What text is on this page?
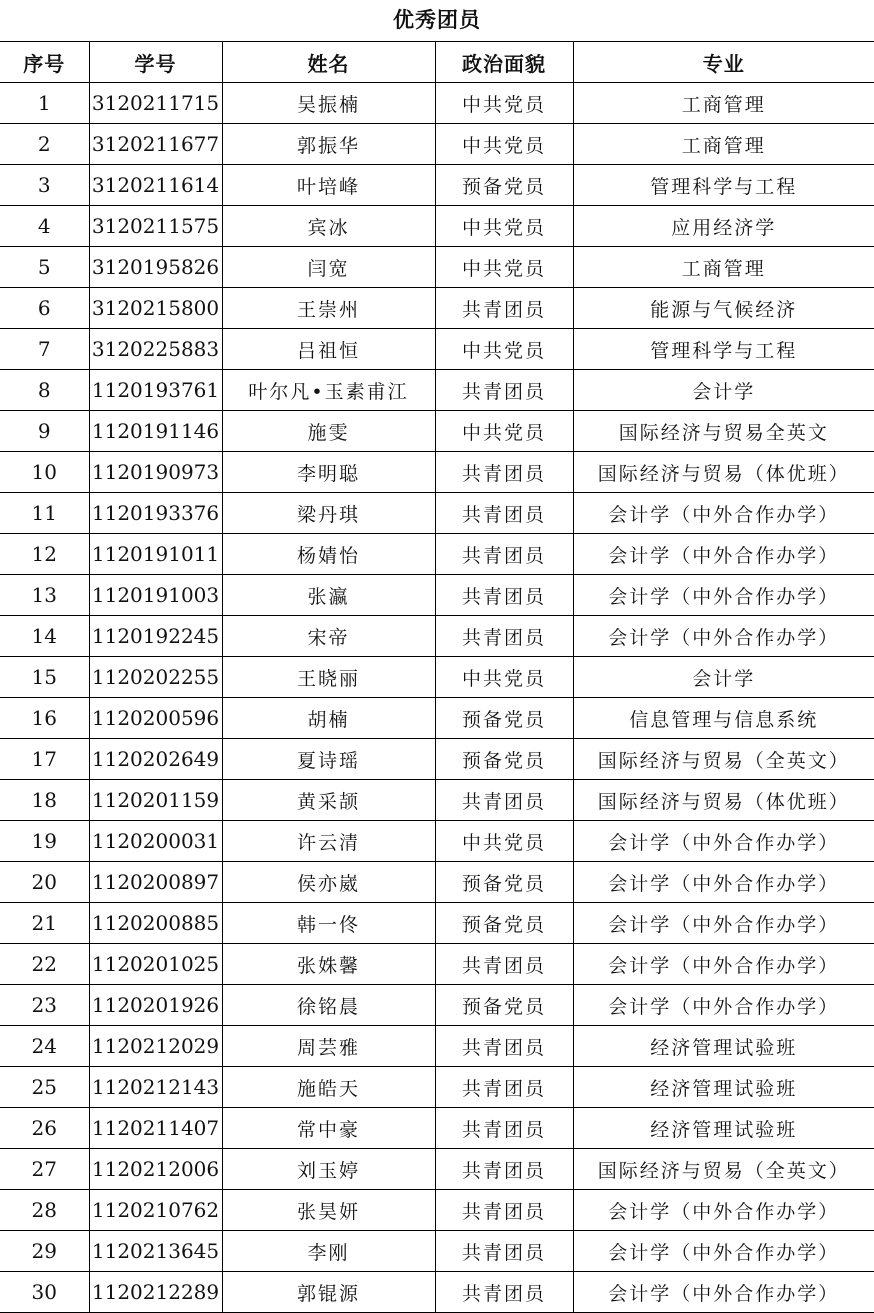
优秀团员
序号	学号	姓名	政治面貌	专业
1	3120211715	吴振楠	中共党员	工商管理
2	3120211677	郭振华	中共党员	工商管理
3	3120211614	叶培峰	预备党员	管理科学与工程
4	3120211575	宾冰	中共党员	应用经济学
5	3120195826	闫宽	中共党员	工商管理
6	3120215800	王崇州	共青团员	能源与气候经济
7	3120225883	吕祖恒	中共党员	管理科学与工程
8	1120193761	叶尔凡•玉素甫江	共青团员	会计学
9	1120191146	施雯	中共党员	国际经济与贸易全英文
10	1120190973	李明聪	共青团员	国际经济与贸易（体优班）
11	1120193376	梁丹琪	共青团员	会计学（中外合作办学）
12	1120191011	杨婧怡	共青团员	会计学（中外合作办学）
13	1120191003	张瀛	共青团员	会计学（中外合作办学）
14	1120192245	宋帝	共青团员	会计学（中外合作办学）
15	1120202255	王晓丽	中共党员	会计学
16	1120200596	胡楠	预备党员	信息管理与信息系统
17	1120202649	夏诗瑶	预备党员	国际经济与贸易（全英文）
18	1120201159	黄采颉	共青团员	国际经济与贸易（体优班）
19	1120200031	许云清	中共党员	会计学（中外合作办学）
20	1120200897	侯亦崴	预备党员	会计学（中外合作办学）
21	1120200885	韩一佟	预备党员	会计学（中外合作办学）
22	1120201025	张姝馨	共青团员	会计学（中外合作办学）
23	1120201926	徐铭晨	预备党员	会计学（中外合作办学）
24	1120212029	周芸雅	共青团员	经济管理试验班
25	1120212143	施皓天	共青团员	经济管理试验班
26	1120211407	常中豪	共青团员	经济管理试验班
27	1120212006	刘玉婷	共青团员	国际经济与贸易（全英文）
28	1120210762	张昊妍	共青团员	会计学（中外合作办学）
29	1120213645	李刚	共青团员	会计学（中外合作办学）
30	1120212289	郭锟源	共青团员	会计学（中外合作办学）
